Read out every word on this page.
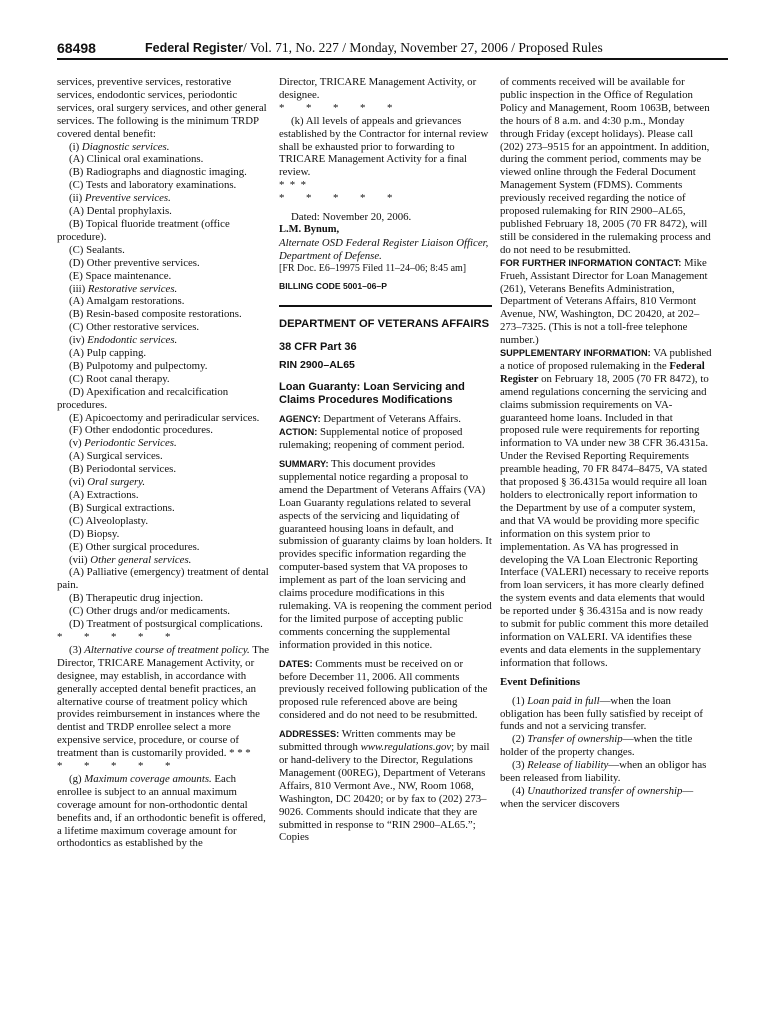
68498	Federal Register/ Vol. 71, No. 227 / Monday, November 27, 2006 / Proposed Rules

services, preventive services, restorative services, endodontic services, periodontic services, oral surgery services, and other general services. The following is the minimum TRDP covered dental benefit:

(i) Diagnostic services.

(A) Clinical oral examinations.

(B) Radiographs and diagnostic imaging.

(C) Tests and laboratory examinations.

(ii) Preventive services.

(A) Dental prophylaxis.

(B) Topical fluoride treatment (office procedure).

(C) Sealants.

(D) Other preventive services.

(E) Space maintenance.

(iii) Restorative services.

(A) Amalgam restorations.

(B) Resin-based composite restorations.

(C) Other restorative services.

(iv) Endodontic services.

(A) Pulp capping.

(B) Pulpotomy and pulpectomy.

(C) Root canal therapy.

(D) Apexification and recalcification procedures.

(E) Apicoectomy and periradicular services.

(F) Other endodontic procedures.

(v) Periodontic Services.

(A) Surgical services.

(B) Periodontal services.

(vi) Oral surgery.

(A) Extractions.

(B) Surgical extractions.

(C) Alveoloplasty.

(D) Biopsy.

(E) Other surgical procedures.

(vii) Other general services.

(A) Palliative (emergency) treatment of dental pain.

(B) Therapeutic drug injection.

(C) Other drugs and/or medicaments.

(D) Treatment of postsurgical complications.

*  *  *  *  *

(3) Alternative course of treatment policy. The Director, TRICARE Management Activity, or designee, may establish, in accordance with generally accepted dental benefit practices, an alternative course of treatment policy which provides reimbursement in instances where the dentist and TRDP enrollee select a more expensive service, procedure, or course of treatment than is customarily provided. * * *

*  *  *  *  *

(g) Maximum coverage amounts. Each enrollee is subject to an annual maximum coverage amount for non-orthodontic dental benefits and, if an orthodontic benefit is offered, a lifetime maximum coverage amount for orthodontics as established by the

Director, TRICARE Management Activity, or designee.

*  *  *  *  *

(k) All levels of appeals and grievances established by the Contractor for internal review shall be exhausted prior to forwarding to TRICARE Management Activity for a final review.

* * *

*  *  *  *  *

Dated: November 20, 2006.

L.M. Bynum,

Alternate OSD Federal Register Liaison Officer, Department of Defense.

[FR Doc. E6–19975 Filed 11–24–06; 8:45 am]

BILLING CODE 5001–06–P

DEPARTMENT OF VETERANS AFFAIRS

38 CFR Part 36

RIN 2900–AL65

Loan Guaranty: Loan Servicing and Claims Procedures Modifications

AGENCY: Department of Veterans Affairs.

ACTION: Supplemental notice of proposed rulemaking; reopening of comment period.

SUMMARY: This document provides supplemental notice regarding a proposal to amend the Department of Veterans Affairs (VA) Loan Guaranty regulations related to several aspects of the servicing and liquidating of guaranteed housing loans in default, and submission of guaranty claims by loan holders. It provides specific information regarding the computer-based system that VA proposes to implement as part of the loan servicing and claims procedure modifications in this rulemaking. VA is reopening the comment period for the limited purpose of accepting public comments concerning the supplemental information provided in this notice.

DATES: Comments must be received on or before December 11, 2006. All comments previously received following publication of the proposed rule referenced above are being considered and do not need to be resubmitted.

ADDRESSES: Written comments may be submitted through www.regulations.gov; by mail or hand-delivery to the Director, Regulations Management (00REG), Department of Veterans Affairs, 810 Vermont Ave., NW, Room 1068, Washington, DC 20420; or by fax to (202) 273–9026. Comments should indicate that they are submitted in response to “RIN 2900–AL65.”; Copies

of comments received will be available for public inspection in the Office of Regulation Policy and Management, Room 1063B, between the hours of 8 a.m. and 4:30 p.m., Monday through Friday (except holidays). Please call (202) 273–9515 for an appointment. In addition, during the comment period, comments may be viewed online through the Federal Document Management System (FDMS). Comments previously received regarding the notice of proposed rulemaking for RIN 2900–AL65, published February 18, 2005 (70 FR 8472), will still be considered in the rulemaking process and do not need to be resubmitted.

FOR FURTHER INFORMATION CONTACT: Mike Frueh, Assistant Director for Loan Management (261), Veterans Benefits Administration, Department of Veterans Affairs, 810 Vermont Avenue, NW, Washington, DC 20420, at 202–273–7325. (This is not a toll-free telephone number.)

SUPPLEMENTARY INFORMATION: VA published a notice of proposed rulemaking in the Federal Register on February 18, 2005 (70 FR 8472), to amend regulations concerning the servicing and claims submission requirements on VA-guaranteed home loans. Included in that proposed rule were requirements for reporting information to VA under new 38 CFR 36.4315a. Under the Revised Reporting Requirements preamble heading, 70 FR 8474–8475, VA stated that proposed § 36.4315a would require all loan holders to electronically report information to the Department by use of a computer system, and that VA would be providing more specific information on this system prior to implementation. As VA has progressed in developing the VA Loan Electronic Reporting Interface (VALERI) necessary to receive reports from loan servicers, it has more clearly defined the system events and data elements that would be reported under § 36.4315a and is now ready to submit for public comment this more detailed information on VALERI. VA identifies these events and data elements in the supplementary information that follows.

Event Definitions

(1) Loan paid in full—when the loan obligation has been fully satisfied by receipt of funds and not a servicing transfer.

(2) Transfer of ownership—when the title holder of the property changes.

(3) Release of liability—when an obligor has been released from liability.

(4) Unauthorized transfer of ownership—when the servicer discovers
